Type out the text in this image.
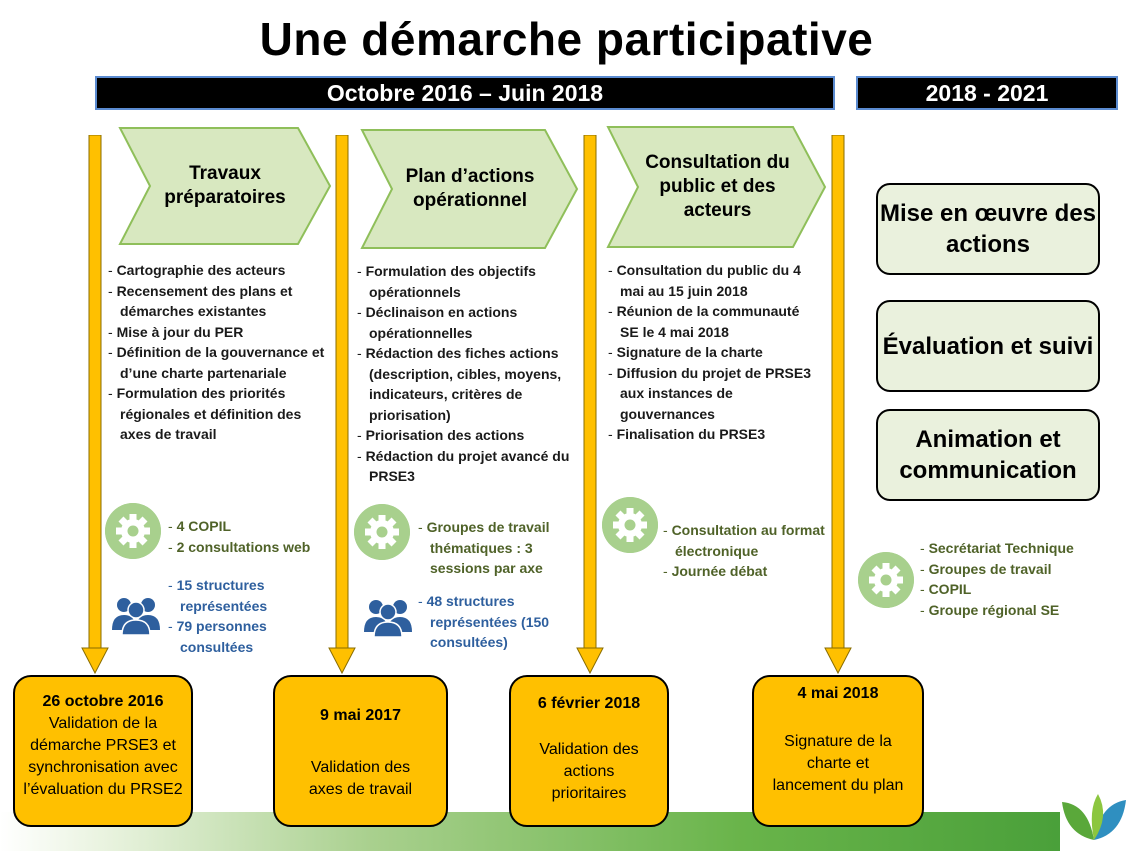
Une démarche participative
Octobre 2016 – Juin 2018	2018 - 2021
Travaux préparatoires
Plan d’actions opérationnel
Consultation du public et des acteurs
- Cartographie des acteurs
- Recensement des plans et démarches existantes
- Mise à jour du PER
- Définition de la gouvernance et d’une charte partenariale
- Formulation des priorités régionales et définition des axes de travail
- Formulation des objectifs opérationnels
- Déclinaison en actions opérationnelles
- Rédaction des fiches actions (description, cibles, moyens, indicateurs, critères de priorisation)
- Priorisation des actions
- Rédaction du projet avancé du PRSE3
- Consultation du public du 4 mai au 15 juin 2018
- Réunion de la communauté SE le 4 mai 2018
- Signature de la charte
- Diffusion du projet de PRSE3 aux instances de gouvernances
- Finalisation du PRSE3
- 4 COPIL
- 2 consultations web
- Groupes de travail thématiques : 3 sessions par axe
- Consultation au format électronique
- Journée débat
- Secrétariat Technique
- Groupes de travail
- COPIL
- Groupe régional SE
- 15 structures représentées
- 79 personnes consultées
- 48 structures représentées (150 consultées)
Mise en œuvre des actions
Évaluation et suivi
Animation et communication
26 octobre 2016
Validation de la démarche PRSE3 et synchronisation avec l’évaluation du PRSE2
9 mai 2017
Validation des axes de travail
6 février 2018
Validation des actions prioritaires
4 mai 2018
Signature de la charte et lancement du plan
